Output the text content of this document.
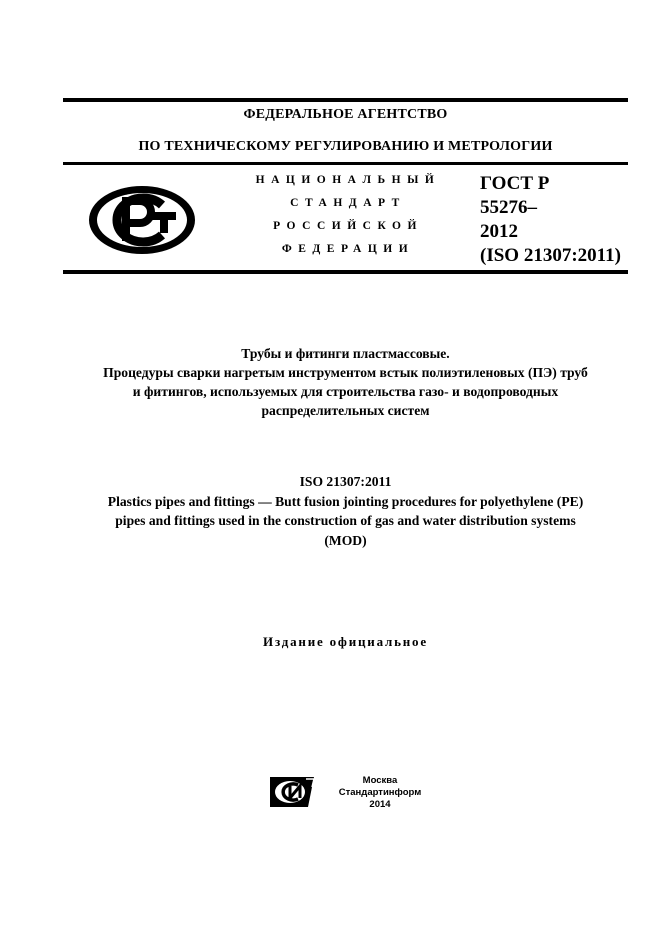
ФЕДЕРАЛЬНОЕ АГЕНТСТВО
ПО ТЕХНИЧЕСКОМУ РЕГУЛИРОВАНИЮ И МЕТРОЛОГИИ
НАЦИОНАЛЬНЫЙ
СТАНДАРТ
РОССИЙСКОЙ
ФЕДЕРАЦИИ
ГОСТ Р
55276–
2012
(ISO 21307:2011)
Трубы и фитинги пластмассовые.
Процедуры сварки нагретым инструментом встык полиэтиленовых (ПЭ) труб
и фитингов, используемых для строительства газо- и водопроводных
распределительных систем
ISO 21307:2011
Plastics pipes and fittings — Butt fusion jointing procedures for polyethylene (PE)
pipes and fittings used in the construction of gas and water distribution systems
(MOD)
Издание официальное
Москва
Стандартинформ
2014
